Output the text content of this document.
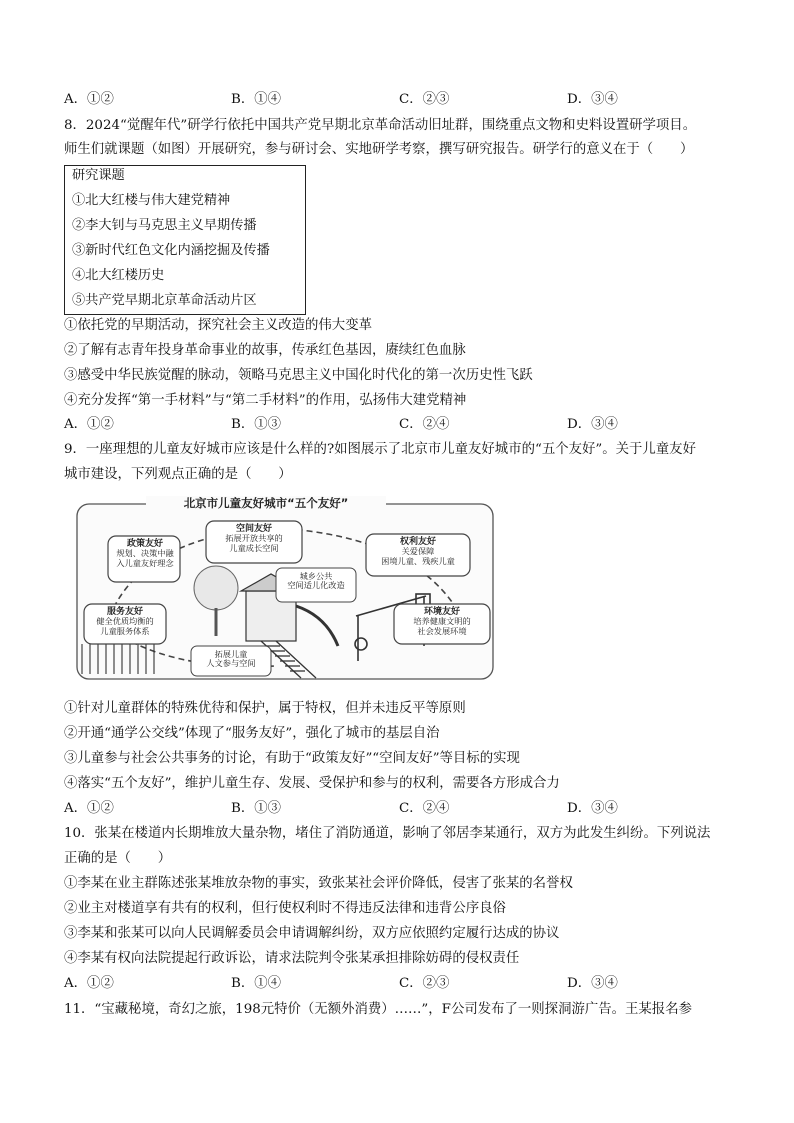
A．①②	B．①④	C．②③	D．③④
8．2024“觉醒年代”研学行依托中国共产党早期北京革命活动旧址群，围绕重点文物和史料设置研学项目。
师生们就课题（如图）开展研究，参与研讨会、实地研学考察，撰写研究报告。研学行的意义在于（　　）
研究课题
①北大红楼与伟大建党精神
②李大钊与马克思主义早期传播
③新时代红色文化内涵挖掘及传播
④北大红楼历史
⑤共产党早期北京革命活动片区
①依托党的早期活动，探究社会主义改造的伟大变革
②了解有志青年投身革命事业的故事，传承红色基因，赓续红色血脉
③感受中华民族觉醒的脉动，领略马克思主义中国化时代化的第一次历史性飞跃
④充分发挥“第一手材料”与“第二手材料”的作用，弘扬伟大建党精神
A．①②	B．①③	C．②④	D．③④
9．一座理想的儿童友好城市应该是什么样的?如图展示了北京市儿童友好城市的“五个友好”。关于儿童友好
城市建设，下列观点正确的是（　　）
北京市儿童友好城市“五个友好”
政策友好
规划、决策中融
入儿童友好理念
空间友好
拓展开放共享的
儿童成长空间
权利友好
关爱保障
困境儿童、残疾儿童
服务友好
健全优质均衡的
儿童服务体系
环境友好
培养健康文明的
社会发展环境
城乡公共
空间适儿化改造
拓展儿童
人文参与空间
①针对儿童群体的特殊优待和保护，属于特权，但并未违反平等原则
②开通“通学公交线”体现了“服务友好”，强化了城市的基层自治
③儿童参与社会公共事务的讨论，有助于“政策友好”“空间友好”等目标的实现
④落实“五个友好”，维护儿童生存、发展、受保护和参与的权利，需要各方形成合力
A．①②	B．①③	C．②④	D．③④
10．张某在楼道内长期堆放大量杂物，堵住了消防通道，影响了邻居李某通行，双方为此发生纠纷。下列说法
正确的是（　　）
①李某在业主群陈述张某堆放杂物的事实，致张某社会评价降低，侵害了张某的名誉权
②业主对楼道享有共有的权利，但行使权利时不得违反法律和违背公序良俗
③李某和张某可以向人民调解委员会申请调解纠纷，双方应依照约定履行达成的协议
④李某有权向法院提起行政诉讼，请求法院判令张某承担排除妨碍的侵权责任
A．①②	B．①④	C．②③	D．③④
11．“宝藏秘境，奇幻之旅，198元特价（无额外消费）……”，F公司发布了一则探洞游广告。王某报名参
